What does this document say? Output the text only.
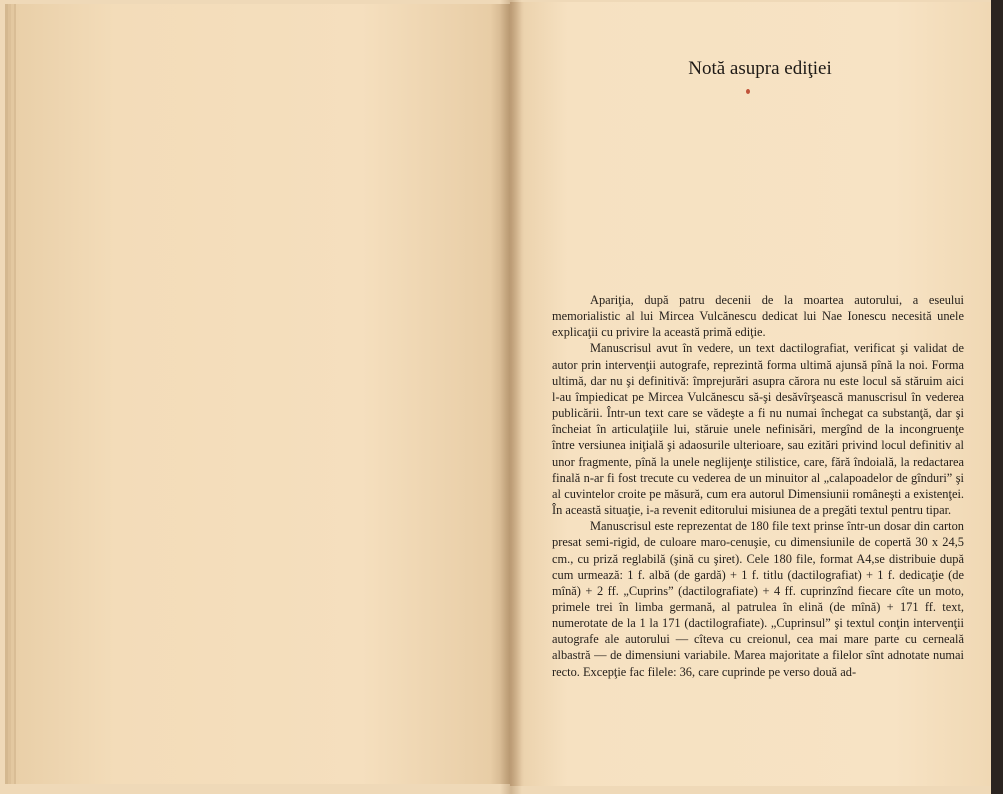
Notă asupra ediţiei

Apariţia, după patru decenii de la moartea autorului, a eseului memorialistic al lui Mircea Vulcănescu dedicat lui Nae Ionescu necesită unele explicaţii cu privire la această primă ediţie.

Manuscrisul avut în vedere, un text dactilografiat, verificat şi validat de autor prin intervenţii autografe, reprezintă forma ultimă ajunsă pînă la noi. Forma ultimă, dar nu şi definitivă: împrejurări asupra cărora nu este locul să stăruim aici l-au împiedicat pe Mircea Vulcănescu să-şi desăvîrşească manuscrisul în vederea publicării. Într-un text care se vădeşte a fi nu numai închegat ca substanţă, dar şi încheiat în articulaţiile lui, stăruie unele nefinisări, mergînd de la incongruenţe între versiunea iniţială şi adaosurile ulterioare, sau ezitări privind locul definitiv al unor fragmente, pînă la unele neglijenţe stilistice, care, fără îndoială, la redactarea finală n-ar fi fost trecute cu vederea de un minuitor al „calapoadelor de gînduri” şi al cuvintelor croite pe măsură, cum era autorul Dimensiunii româneşti a existenţei. În această situaţie, i-a revenit editorului misiunea de a pregăti textul pentru tipar.

Manuscrisul este reprezentat de 180 file text prinse într-un dosar din carton presat semi-rigid, de culoare maro-cenuşie, cu dimensiunile de copertă 30 x 24,5 cm., cu priză reglabilă (şină cu şiret). Cele 180 file, format A4,se distribuie după cum urmează: 1 f. albă (de gardă) + 1 f. titlu (dactilografiat) + 1 f. dedicaţie (de mînă) + 2 ff. „Cuprins” (dactilografiate) + 4 ff. cuprinzînd fiecare cîte un moto, primele trei în limba germană, al patrulea în elină (de mînă) + 171 ff. text, numerotate de la 1 la 171 (dactilografiate). „Cuprinsul” şi textul conţin intervenţii autografe ale autorului — cîteva cu creionul, cea mai mare parte cu cerneală albastră — de dimensiuni variabile. Marea majoritate a filelor sînt adnotate numai recto. Excepţie fac filele: 36, care cuprinde pe verso două ad-
